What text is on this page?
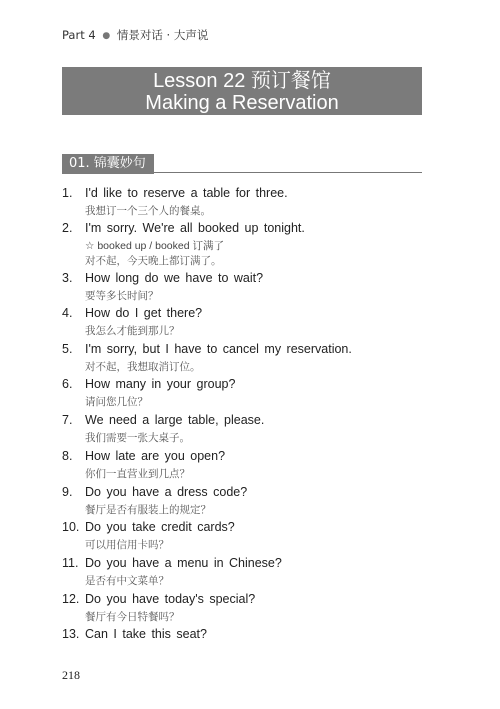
Part 4 ● 情景对话 · 大声说
Lesson 22 预订餐馆
Making a Reservation
01. 锦囊妙句
1. I'd like to reserve a table for three.
我想订一个三个人的餐桌。
2. I'm sorry. We're all booked up tonight.
☆ booked up / booked 订满了
对不起，今天晚上都订满了。
3. How long do we have to wait?
要等多长时间？
4. How do I get there?
我怎么才能到那儿？
5. I'm sorry, but I have to cancel my reservation.
对不起，我想取消订位。
6. How many in your group?
请问您几位？
7. We need a large table, please.
我们需要一张大桌子。
8. How late are you open?
你们一直营业到几点？
9. Do you have a dress code?
餐厅是否有服装上的规定？
10. Do you take credit cards?
可以用信用卡吗？
11. Do you have a menu in Chinese?
是否有中文菜单？
12. Do you have today's special?
餐厅有今日特餐吗？
13. Can I take this seat?
218
